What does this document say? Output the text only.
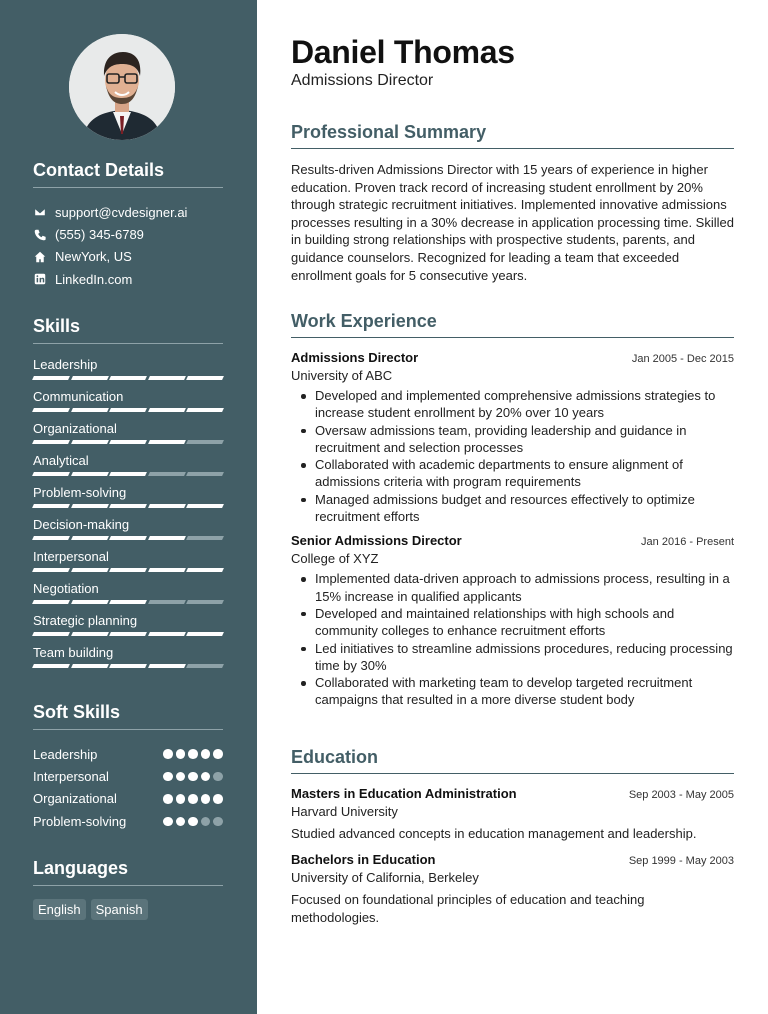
Contact Details
support@cvdesigner.ai
(555) 345-6789
NewYork, US
LinkedIn.com
Skills
Leadership
Communication
Organizational
Analytical
Problem-solving
Decision-making
Interpersonal
Negotiation
Strategic planning
Team building
Soft Skills
Leadership
Interpersonal
Organizational
Problem-solving
Languages
English	Spanish
Daniel Thomas
Admissions Director
Professional Summary

Results-driven Admissions Director with 15 years of experience in higher education. Proven track record of increasing student enrollment by 20% through strategic recruitment initiatives. Implemented innovative admissions processes resulting in a 30% decrease in application processing time. Skilled in building strong relationships with prospective students, parents, and guidance counselors. Recognized for leading a team that exceeded enrollment goals for 5 consecutive years.

Work Experience
Admissions Director	Jan 2005 - Dec 2015
University of ABC
Developed and implemented comprehensive admissions strategies to increase student enrollment by 20% over 10 years
Oversaw admissions team, providing leadership and guidance in recruitment and selection processes
Collaborated with academic departments to ensure alignment of admissions criteria with program requirements
Managed admissions budget and resources effectively to optimize recruitment efforts
Senior Admissions Director	Jan 2016 - Present
College of XYZ
Implemented data-driven approach to admissions process, resulting in a 15% increase in qualified applicants
Developed and maintained relationships with high schools and community colleges to enhance recruitment efforts
Led initiatives to streamline admissions procedures, reducing processing time by 30%
Collaborated with marketing team to develop targeted recruitment campaigns that resulted in a more diverse student body
Education
Masters in Education Administration	Sep 2003 - May 2005
Harvard University
Studied advanced concepts in education management and leadership.
Bachelors in Education	Sep 1999 - May 2003
University of California, Berkeley
Focused on foundational principles of education and teaching methodologies.
